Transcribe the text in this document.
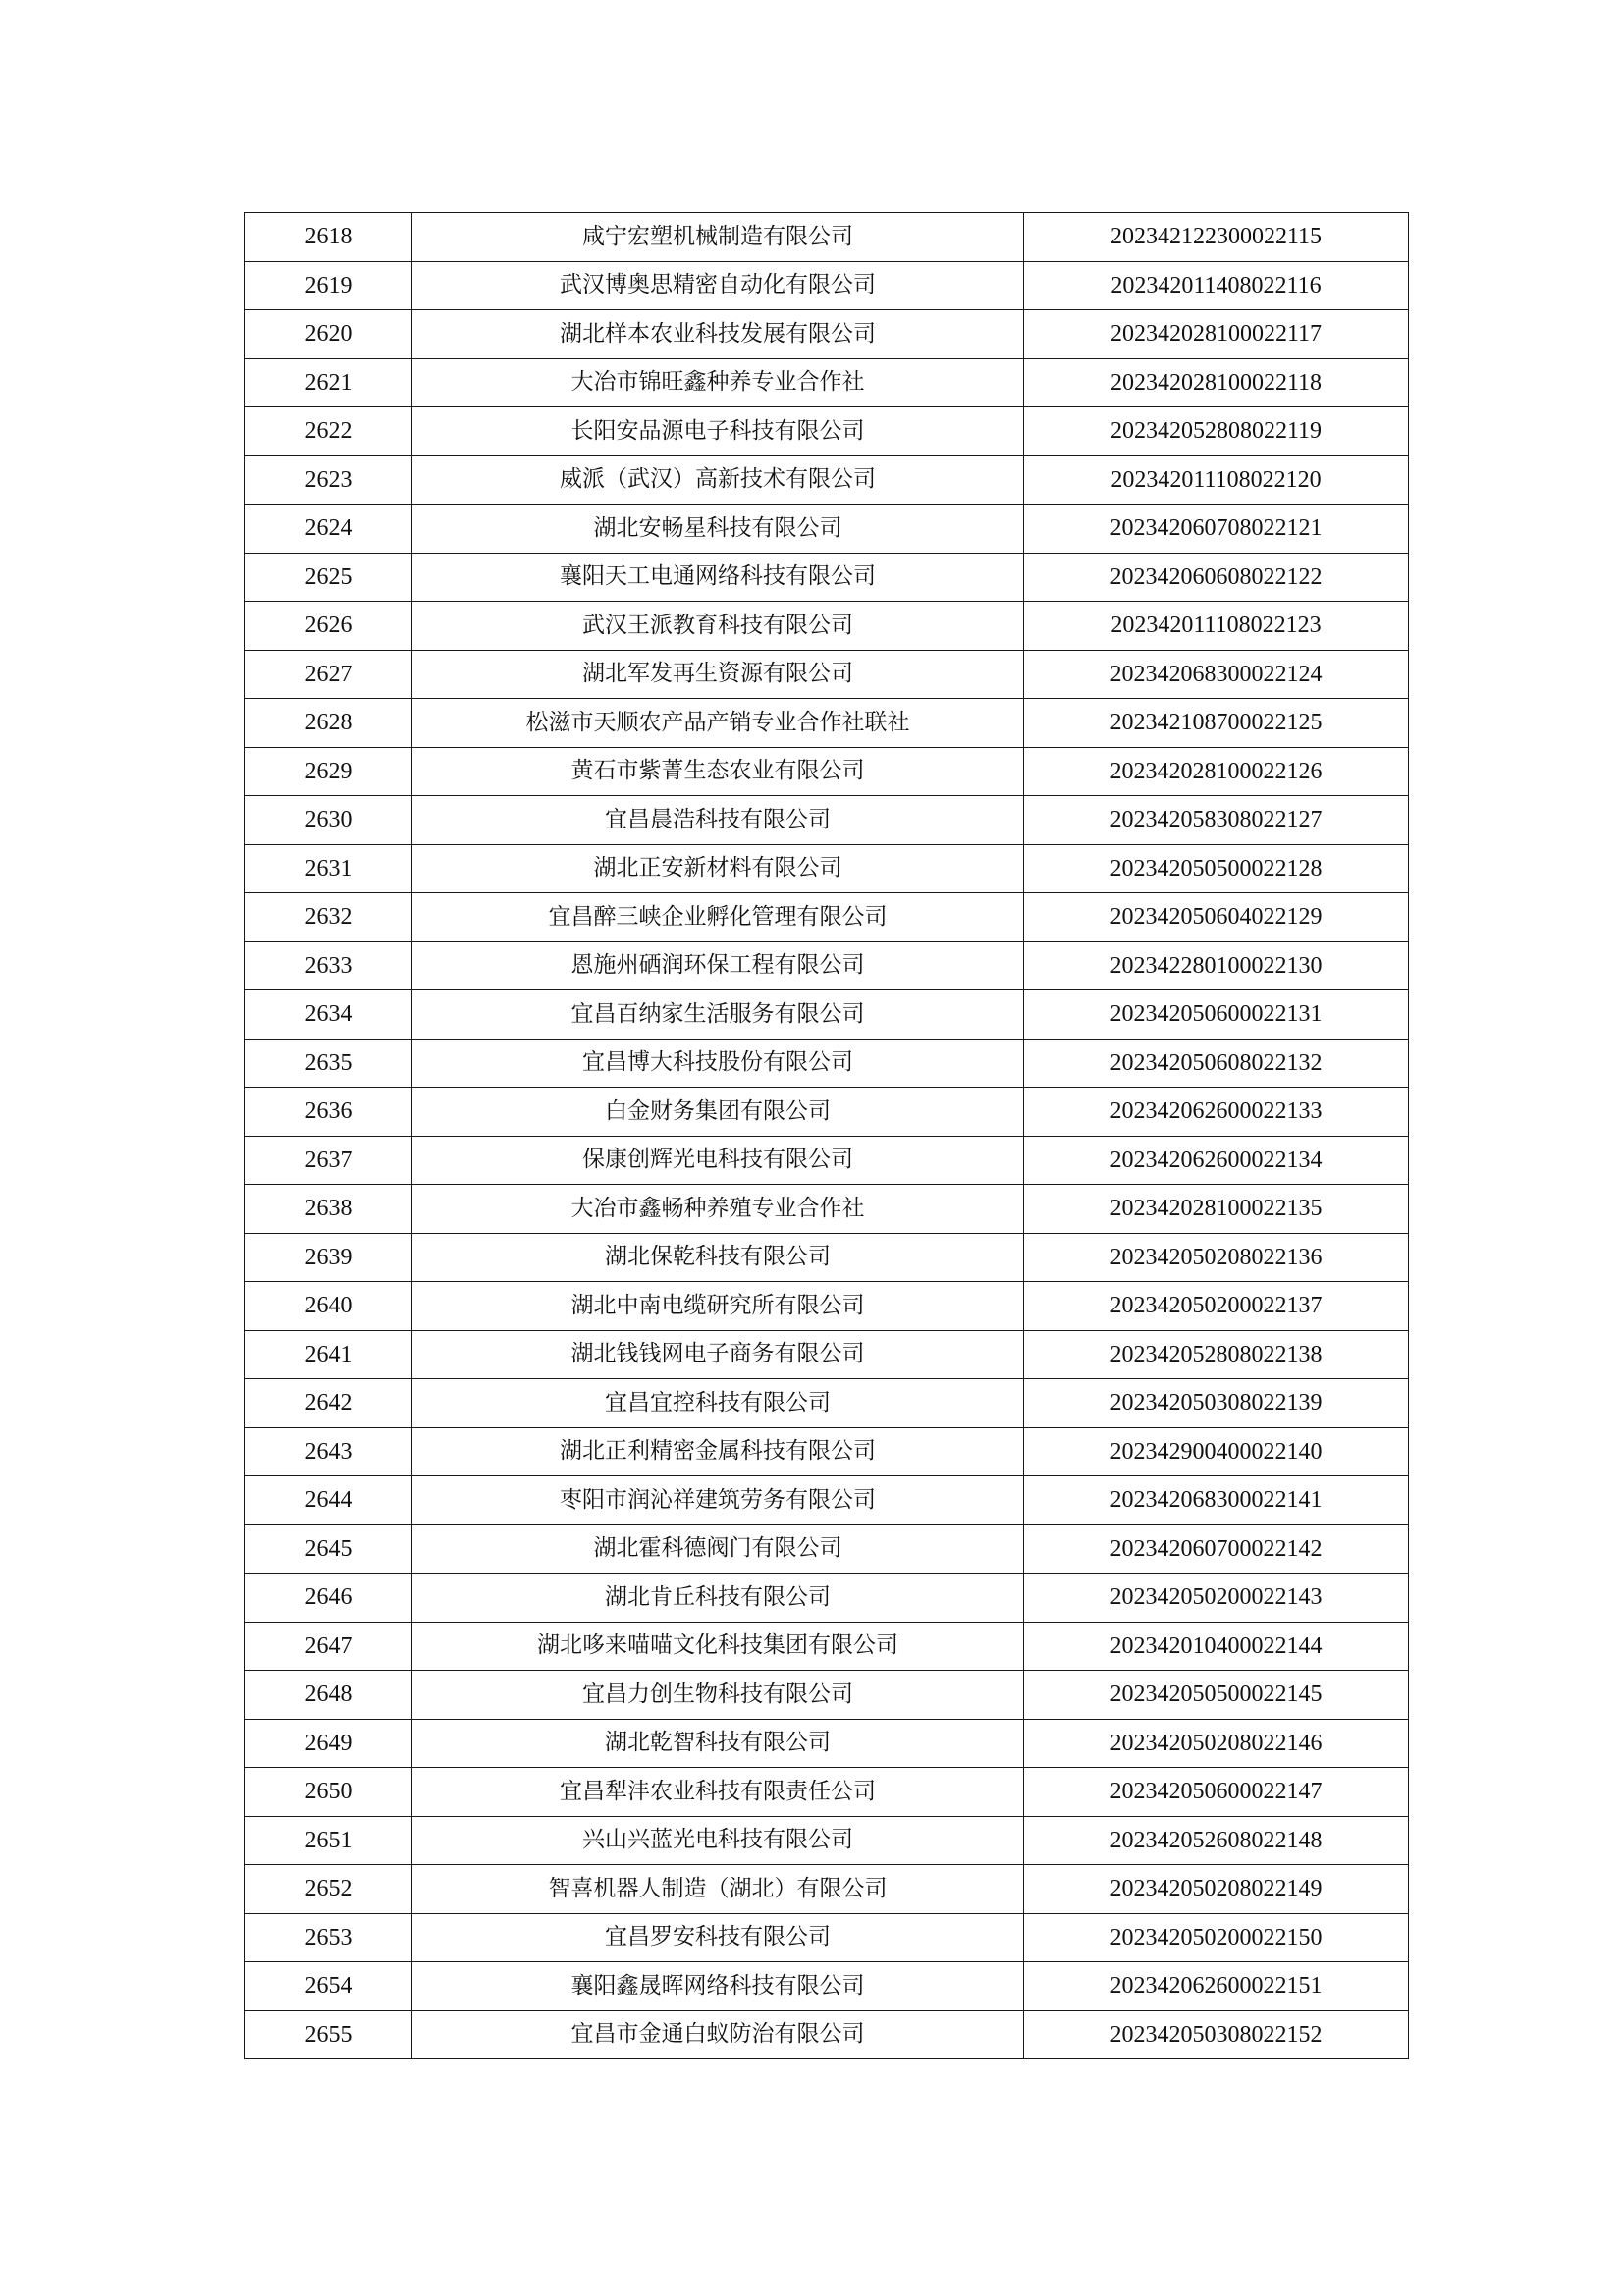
2618	咸宁宏塑机械制造有限公司	202342122300022115
2619	武汉博奥思精密自动化有限公司	202342011408022116
2620	湖北样本农业科技发展有限公司	202342028100022117
2621	大冶市锦旺鑫种养专业合作社	202342028100022118
2622	长阳安品源电子科技有限公司	202342052808022119
2623	威派（武汉）高新技术有限公司	202342011108022120
2624	湖北安畅星科技有限公司	202342060708022121
2625	襄阳天工电通网络科技有限公司	202342060608022122
2626	武汉王派教育科技有限公司	202342011108022123
2627	湖北军发再生资源有限公司	202342068300022124
2628	松滋市天顺农产品产销专业合作社联社	202342108700022125
2629	黄石市紫菁生态农业有限公司	202342028100022126
2630	宜昌晨浩科技有限公司	202342058308022127
2631	湖北正安新材料有限公司	202342050500022128
2632	宜昌醉三峡企业孵化管理有限公司	202342050604022129
2633	恩施州硒润环保工程有限公司	202342280100022130
2634	宜昌百纳家生活服务有限公司	202342050600022131
2635	宜昌博大科技股份有限公司	202342050608022132
2636	白金财务集团有限公司	202342062600022133
2637	保康创辉光电科技有限公司	202342062600022134
2638	大冶市鑫畅种养殖专业合作社	202342028100022135
2639	湖北保乾科技有限公司	202342050208022136
2640	湖北中南电缆研究所有限公司	202342050200022137
2641	湖北钱钱网电子商务有限公司	202342052808022138
2642	宜昌宜控科技有限公司	202342050308022139
2643	湖北正利精密金属科技有限公司	202342900400022140
2644	枣阳市润沁祥建筑劳务有限公司	202342068300022141
2645	湖北霍科德阀门有限公司	202342060700022142
2646	湖北肯丘科技有限公司	202342050200022143
2647	湖北哆来喵喵文化科技集团有限公司	202342010400022144
2648	宜昌力创生物科技有限公司	202342050500022145
2649	湖北乾智科技有限公司	202342050208022146
2650	宜昌犁沣农业科技有限责任公司	202342050600022147
2651	兴山兴蓝光电科技有限公司	202342052608022148
2652	智喜机器人制造（湖北）有限公司	202342050208022149
2653	宜昌罗安科技有限公司	202342050200022150
2654	襄阳鑫晟晖网络科技有限公司	202342062600022151
2655	宜昌市金通白蚁防治有限公司	202342050308022152
